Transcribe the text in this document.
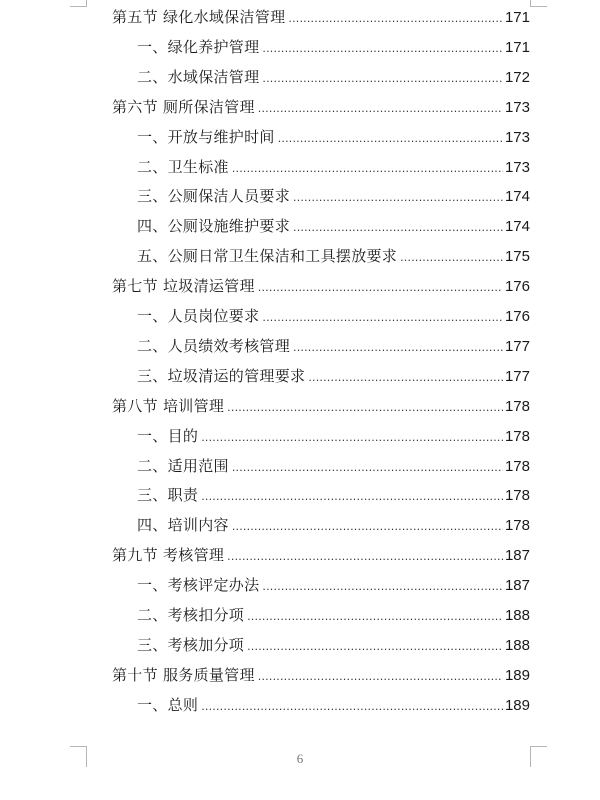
第五节 绿化水域保洁管理 .....	171
一、绿化养护管理 .....	171
二、水域保洁管理 .....	172
第六节 厕所保洁管理 .....	173
一、开放与维护时间 .....	173
二、卫生标准 .....	173
三、公厕保洁人员要求 .....	174
四、公厕设施维护要求 .....	174
五、公厕日常卫生保洁和工具摆放要求 .....	175
第七节 垃圾清运管理 .....	176
一、人员岗位要求 .....	176
二、人员绩效考核管理 .....	177
三、垃圾清运的管理要求 .....	177
第八节 培训管理 .....	178
一、目的 .....	178
二、适用范围 .....	178
三、职责 .....	178
四、培训内容 .....	178
第九节 考核管理 .....	187
一、考核评定办法 .....	187
二、考核扣分项 .....	188
三、考核加分项 .....	188
第十节 服务质量管理 .....	189
一、总则 .....	189
6
